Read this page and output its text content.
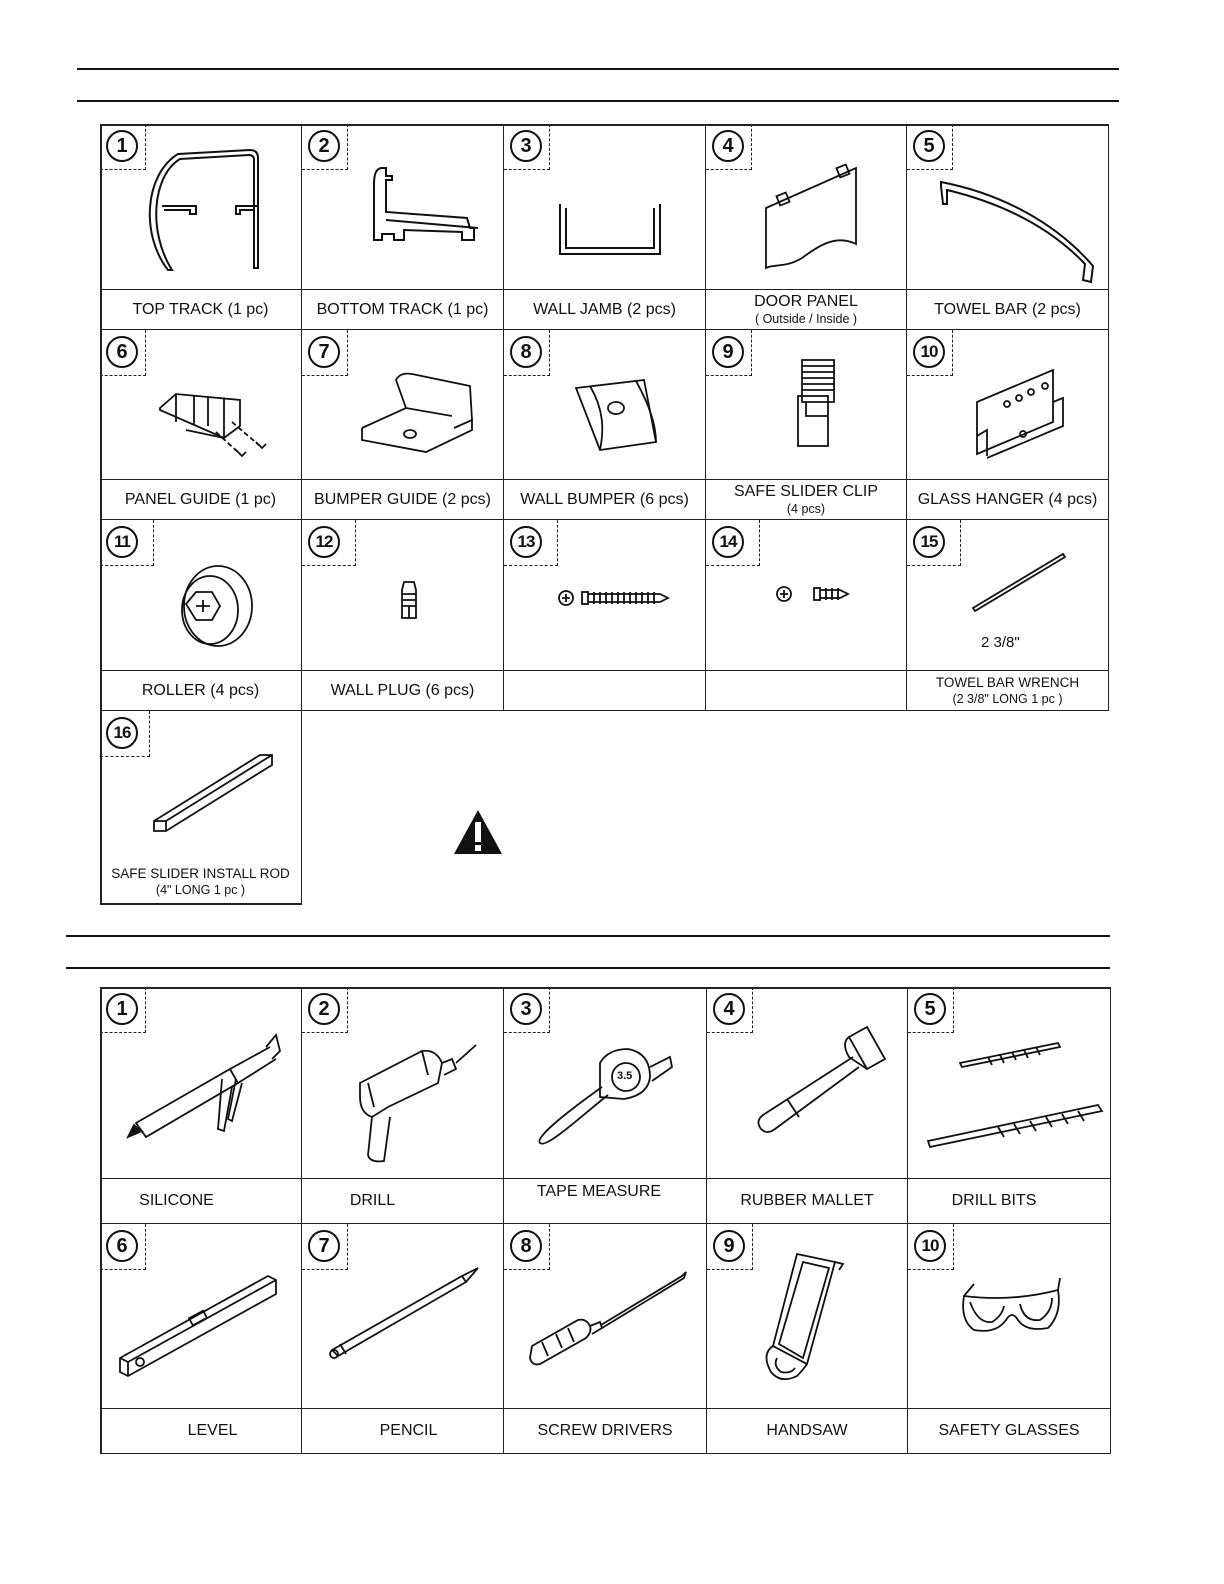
1
TOP TRACK (1 pc)
2
BOTTOM TRACK (1 pc)
3
WALL JAMB (2 pcs)
4
DOOR PANEL
( Outside / Inside )
5
TOWEL BAR (2 pcs)
6
PANEL GUIDE (1 pc)
7
BUMPER GUIDE (2 pcs)
8
WALL BUMPER (6 pcs)
9
SAFE SLIDER CLIP
(4 pcs)
10
GLASS HANGER (4 pcs)
11
ROLLER (4 pcs)
12
WALL PLUG (6 pcs)
13	14	15
2 3/8"
TOWEL BAR WRENCH
(2 3/8" LONG 1 pc )
16
SAFE SLIDER INSTALL ROD
(4" LONG 1 pc )
1
SILICONE
2
DRILL
3
3.5
TAPE MEASURE
4
RUBBER MALLET
5
DRILL BITS
6
LEVEL
7
PENCIL
8
SCREW DRIVERS
9
HANDSAW
10
SAFETY GLASSES
